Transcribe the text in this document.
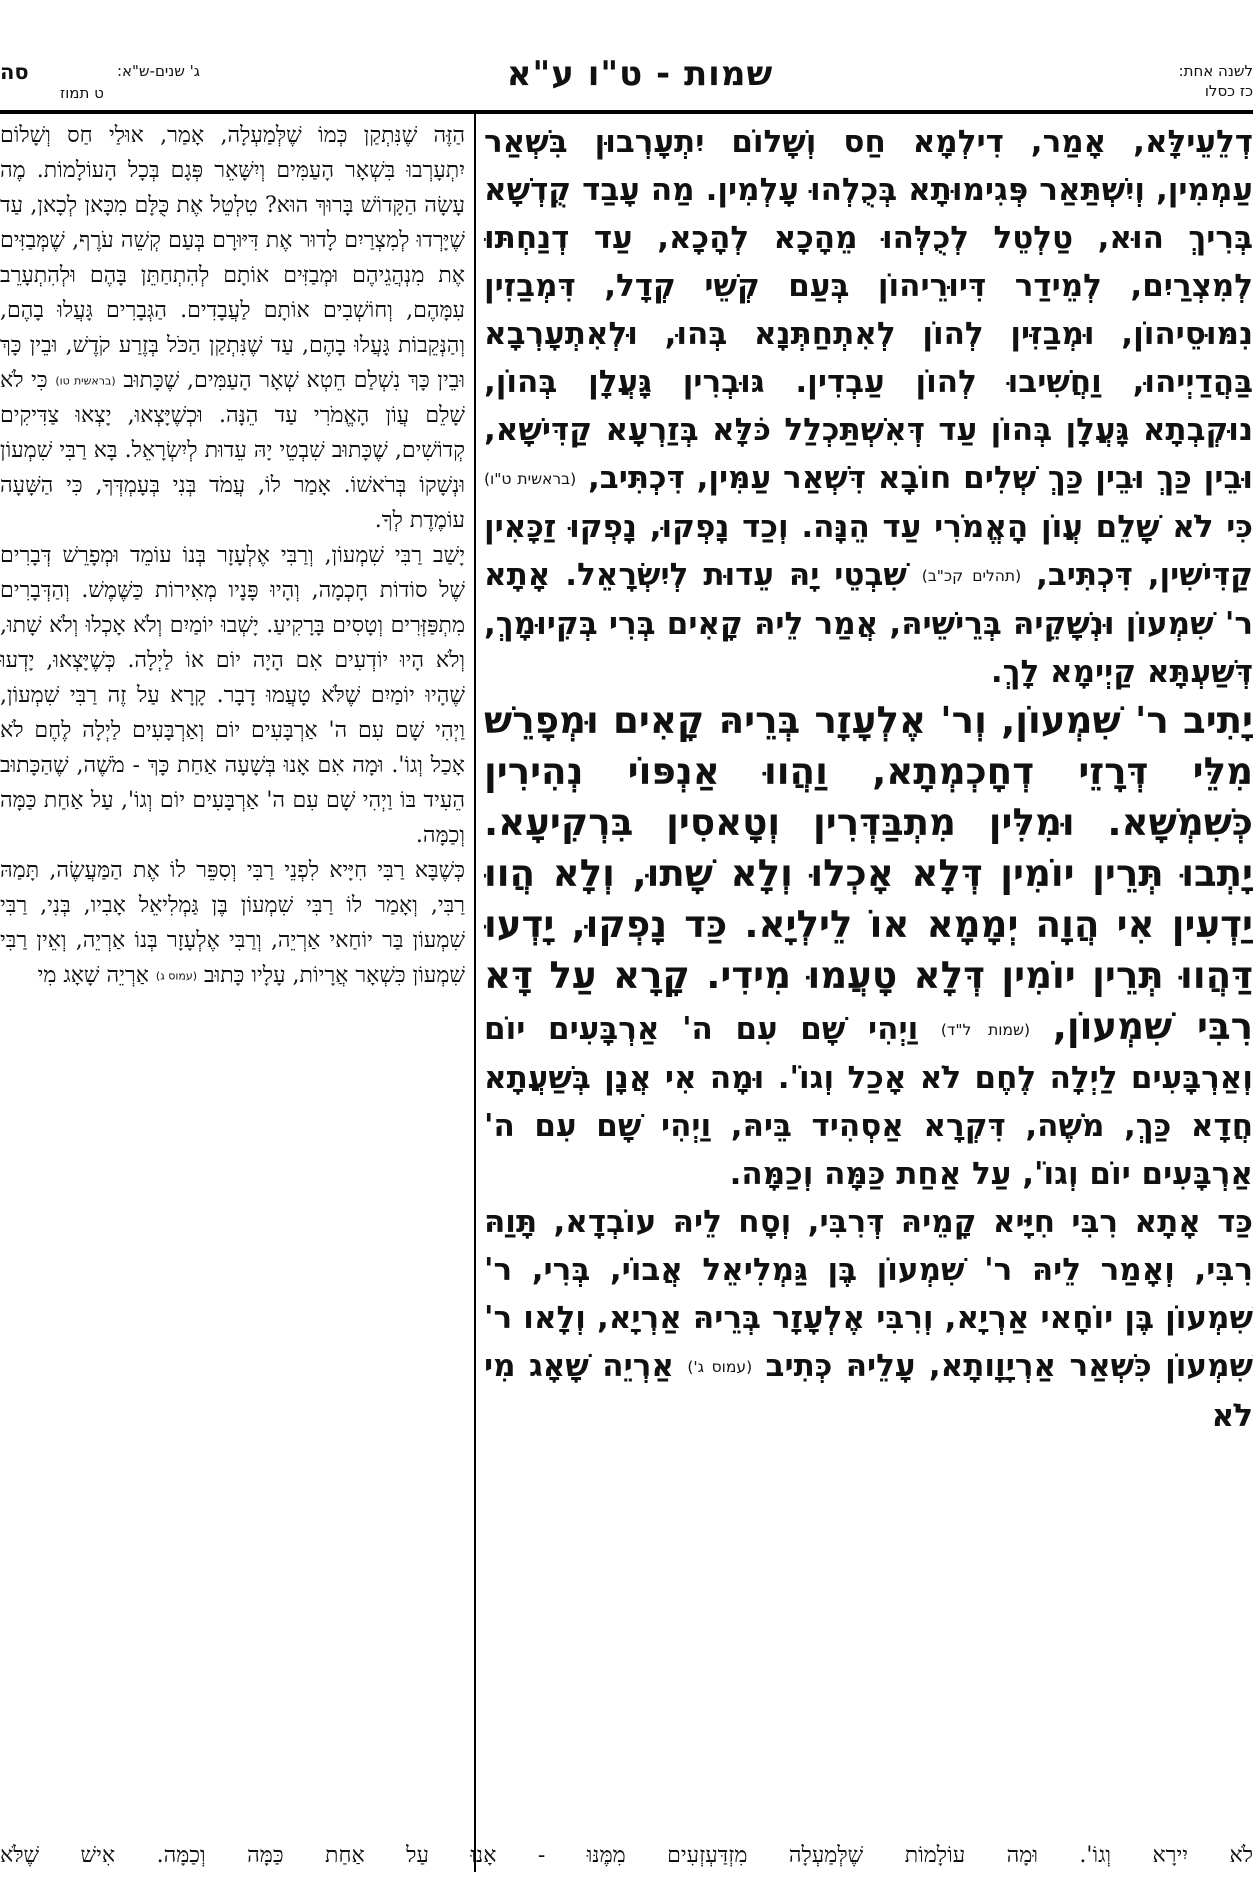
לשנה אחת:
כז כסלו
שמות - ט"ו ע"א
ג' שנים-ש"א:
סה
ט תמוז

דְלֵעֵילָּא, אָמַר, דִילְמָא חַס וְשָׁלוֹם יִתְעָרְבוּן בִּשְׁאַר עַמְמִין, וְיִשְׁתַּאַר פְּגִימוּתָא בְּכֻלְהוּ עָלְמִין. מַה עָבַד קֻדְשָׁא בְּרִיךְ הוּא, טַלְטֵל לְכֻלְּהוּ מֵהָכָא לְהָכָא, עַד דְנַחְתּוּ לְמִצְרַיִם, לְמֵידַר דִּיוּרֵיהוֹן בְּעַם קְשֵׁי קְדָל, דִּמְבַזִין נִמּוּסֵיהוֹן, וּמְבַזִּין לְהוֹן לְאִתְחַתְּנָא בְּהוּ, וּלְאִתְעָרְבָא בַּהֲדַיְיהוּ, וַחֲשִׁיבוּ לְהוֹן עַבְדִין. גּוּבְרִין גָּעֲלָן בְּהוֹן, נוּקְבְתָא גָּעֲלָן בְּהוֹן עַד דְּאִשְׁתַּכְלַל כֹּלָּא בְּזַרְעָא קַדִּישָׁא, וּבֵין כַּךְ וּבֵין כַּךְ שְׁלִים חוֹבָא דִּשְׁאַר עַמִּין, דִּכְתִּיב, (בראשית ט"ו) כִּי לֹא שָׁלֵם עֲוֹן הָאֱמֹרִי עַד הֵנָּה. וְכַד נָפְקוּ, נָפְקוּ זַכָּאִין קַדִּישִׁין, דִּכְתִּיב, (תהלים קכ"ב) שִׁבְטֵי יָהּ עֵדוּת לְיִשְׂרָאֵל. אָתָא ר' שִׁמְעוֹן וּנְשָׁקֵיהּ בְּרֵישֵׁיהּ, אֲמַר לֵיהּ קָאִים בְּרִי בְּקִיוּמָךְ, דְּשַׁעְתָּא קַיְימָא לָךְ.

יָתִיב ר' שִׁמְעוֹן, וְר' אֶלְעָזָר בְּרֵיהּ קָאִים וּמְפָרֵשׁ מִלֵּי דְּרָזֵי דְחָכְמְתָא, וַהֲווּ אַנְפּוֹי נְהִירִין כְּשִׁמְשָׁא. וּמִלִּין מִתְבַּדְּרִין וְטָאסִין בִּרְקִיעָא. יָתְבוּ תְּרֵין יוֹמִין דְּלָא אָכְלוּ וְלָא שָׁתוּ, וְלָא הֲווּ יַדְעִין אִי הֲוָה יְמָמָא אוֹ לֵילְיָא. כַּד נָפְקוּ, יָדְעוּ דַּהֲווּ תְּרֵין יוֹמִין דְּלָא טָעֲמוּ מִידִי. קָרָא עַל דָּא רִבִּי שִׁמְעוֹן, (שמות ל"ד) וַיְהִי שָׁם עִם ה' אַרְבָּעִים יוֹם וְאַרְבָּעִים לַיְלָה לֶחֶם לֹא אָכַל וְגוֹ'. וּמָה אִי אֲנָן בְּשַׁעֲתָא חֲדָא כַּךְ, מֹשֶׁה, דִּקְרָא אַסְהִיד בֵּיהּ, וַיְהִי שָׁם עִם ה' אַרְבָּעִים יוֹם וְגוֹ', עַל אַחַת כַּמָּה וְכַמָּה.

כַּד אָתָא רִבִּי חִיָּיא קָמֵיהּ דְּרִבִּי, וְסָח לֵיהּ עוֹבְדָא, תָּוַהּ רִבִּי, וְאָמַר לֵיהּ ר' שִׁמְעוֹן בֶּן גַּמְלִיאֵל אֲבוֹי, בְּרִי, ר' שִׁמְעוֹן בֶּן יוֹחָאי אַרְיָא, וְרִבִּי אֶלְעָזָר בְּרֵיהּ אַרְיָא, וְלָאו ר' שִׁמְעוֹן כִּשְׁאַר אַרְיָוָותָא, עָלֵיהּ כְּתִיב (עמוס ג') אַרְיֵה שָׁאָג מִי לֹא

הַזֶּה שֶׁנִּתְקַן כְּמוֹ שֶׁלְּמַעְלָה, אָמַר, אוּלַי חַס וְשָׁלוֹם יִתְעָרְבוּ בִּשְׁאָר הָעַמִּים וְיִשָּׁאֵר פְּגָם בְּכָל הָעוֹלָמוֹת. מֶה עָשָׂה הַקָּדוֹשׁ בָּרוּךְ הוּא? טִלְטֵל אֶת כֻּלָּם מִכָּאן לְכָאן, עַד שֶׁיָּרְדוּ לְמִצְרַיִם לָדוּר אֶת דִּיּוּרָם בְּעַם קְשֵׁה עֹרֶף, שֶׁמְּבַזִּים אֶת מִנְהֲגֵיהֶם וּמְבַזִּים אוֹתָם לְהִתְחַתֵּן בָּהֶם וּלְהִתְעָרֵב עִמָּהֶם, וְחוֹשְׁבִים אוֹתָם לַעֲבָדִים. הַגְּבָרִים גָּעֲלוּ בָהֶם, וְהַנְּקֵבוֹת גָּעֲלוּ בָהֶם, עַד שֶׁנִּתְקַן הַכֹּל בְּזֶרַע קֹדֶשׁ, וּבֵין כָּךְ וּבֵין כָּךְ נִשְׁלַם חֵטְא שְׁאָר הָעַמִּים, שֶׁכָּתוּב (בראשית טו) כִּי לֹא שָׁלֵם עֲוֹן הָאֱמֹרִי עַד הֵנָּה. וּכְשֶׁיָּצְאוּ, יָצְאוּ צַדִּיקִים קְדוֹשִׁים, שֶׁכָּתוּב שִׁבְטֵי יָהּ עֵדוּת לְיִשְׂרָאֵל. בָּא רַבִּי שִׁמְעוֹן וּנְשָׁקוֹ בְּרֹאשׁוֹ. אָמַר לוֹ, עֲמֹד בְּנִי בְּעָמְדְּךָ, כִּי הַשָּׁעָה עוֹמֶדֶת לְךָ.

יָשַׁב רַבִּי שִׁמְעוֹן, וְרַבִּי אֶלְעָזָר בְּנוֹ עוֹמֵד וּמְפָרֵשׁ דְּבָרִים שֶׁל סוֹדוֹת חָכְמָה, וְהָיוּ פָּנָיו מְאִירוֹת כַּשֶּׁמֶשׁ. וְהַדְּבָרִים מִתְפַּזְּרִים וְטָסִים בָּרָקִיעַ. יָשְׁבוּ יוֹמַיִם וְלֹא אָכְלוּ וְלֹא שָׁתוּ, וְלֹא הָיוּ יוֹדְעִים אִם הָיָה יוֹם אוֹ לַיְלָה. כְּשֶׁיָּצְאוּ, יָדְעוּ שֶׁהָיוּ יוֹמַיִם שֶׁלֹּא טָעֲמוּ דָבָר. קָרָא עַל זֶה רַבִּי שִׁמְעוֹן, וַיְהִי שָׁם עִם ה' אַרְבָּעִים יוֹם וְאַרְבָּעִים לַיְלָה לֶחֶם לֹא אָכַל וְגוֹ'. וּמָה אִם אָנוּ בְּשָׁעָה אַחַת כָּךְ - מֹשֶׁה, שֶׁהַכָּתוּב הֵעִיד בּוֹ וַיְהִי שָׁם עִם ה' אַרְבָּעִים יוֹם וְגוֹ', עַל אַחַת כַּמָּה וְכַמָּה.

כְּשֶׁבָּא רַבִּי חִיָּיא לִפְנֵי רַבִּי וְסִפֵּר לוֹ אֶת הַמַּעֲשֶׂה, תָּמַהּ רַבִּי, וְאָמַר לוֹ רַבִּי שִׁמְעוֹן בֶּן גַּמְלִיאֵל אָבִיו, בְּנִי, רַבִּי שִׁמְעוֹן בַּר יוֹחַאי אַרְיֵה, וְרַבִּי אֶלְעָזָר בְּנוֹ אַרְיֵה, וְאֵין רַבִּי שִׁמְעוֹן כִּשְׁאָר אֲרָיוֹת, עָלָיו כָּתוּב (עמוס ג) אַרְיֵה שָׁאָג מִי

לֹא יִירָא וְגוֹ'. וּמָה עוֹלָמוֹת שֶׁלְּמַעְלָה מִזְדַּעְזְעִים מִמֶּנּוּ - אָנוּ עַל אַחַת כַּמָּה וְכַמָּה. אִישׁ שֶׁלֹּא
